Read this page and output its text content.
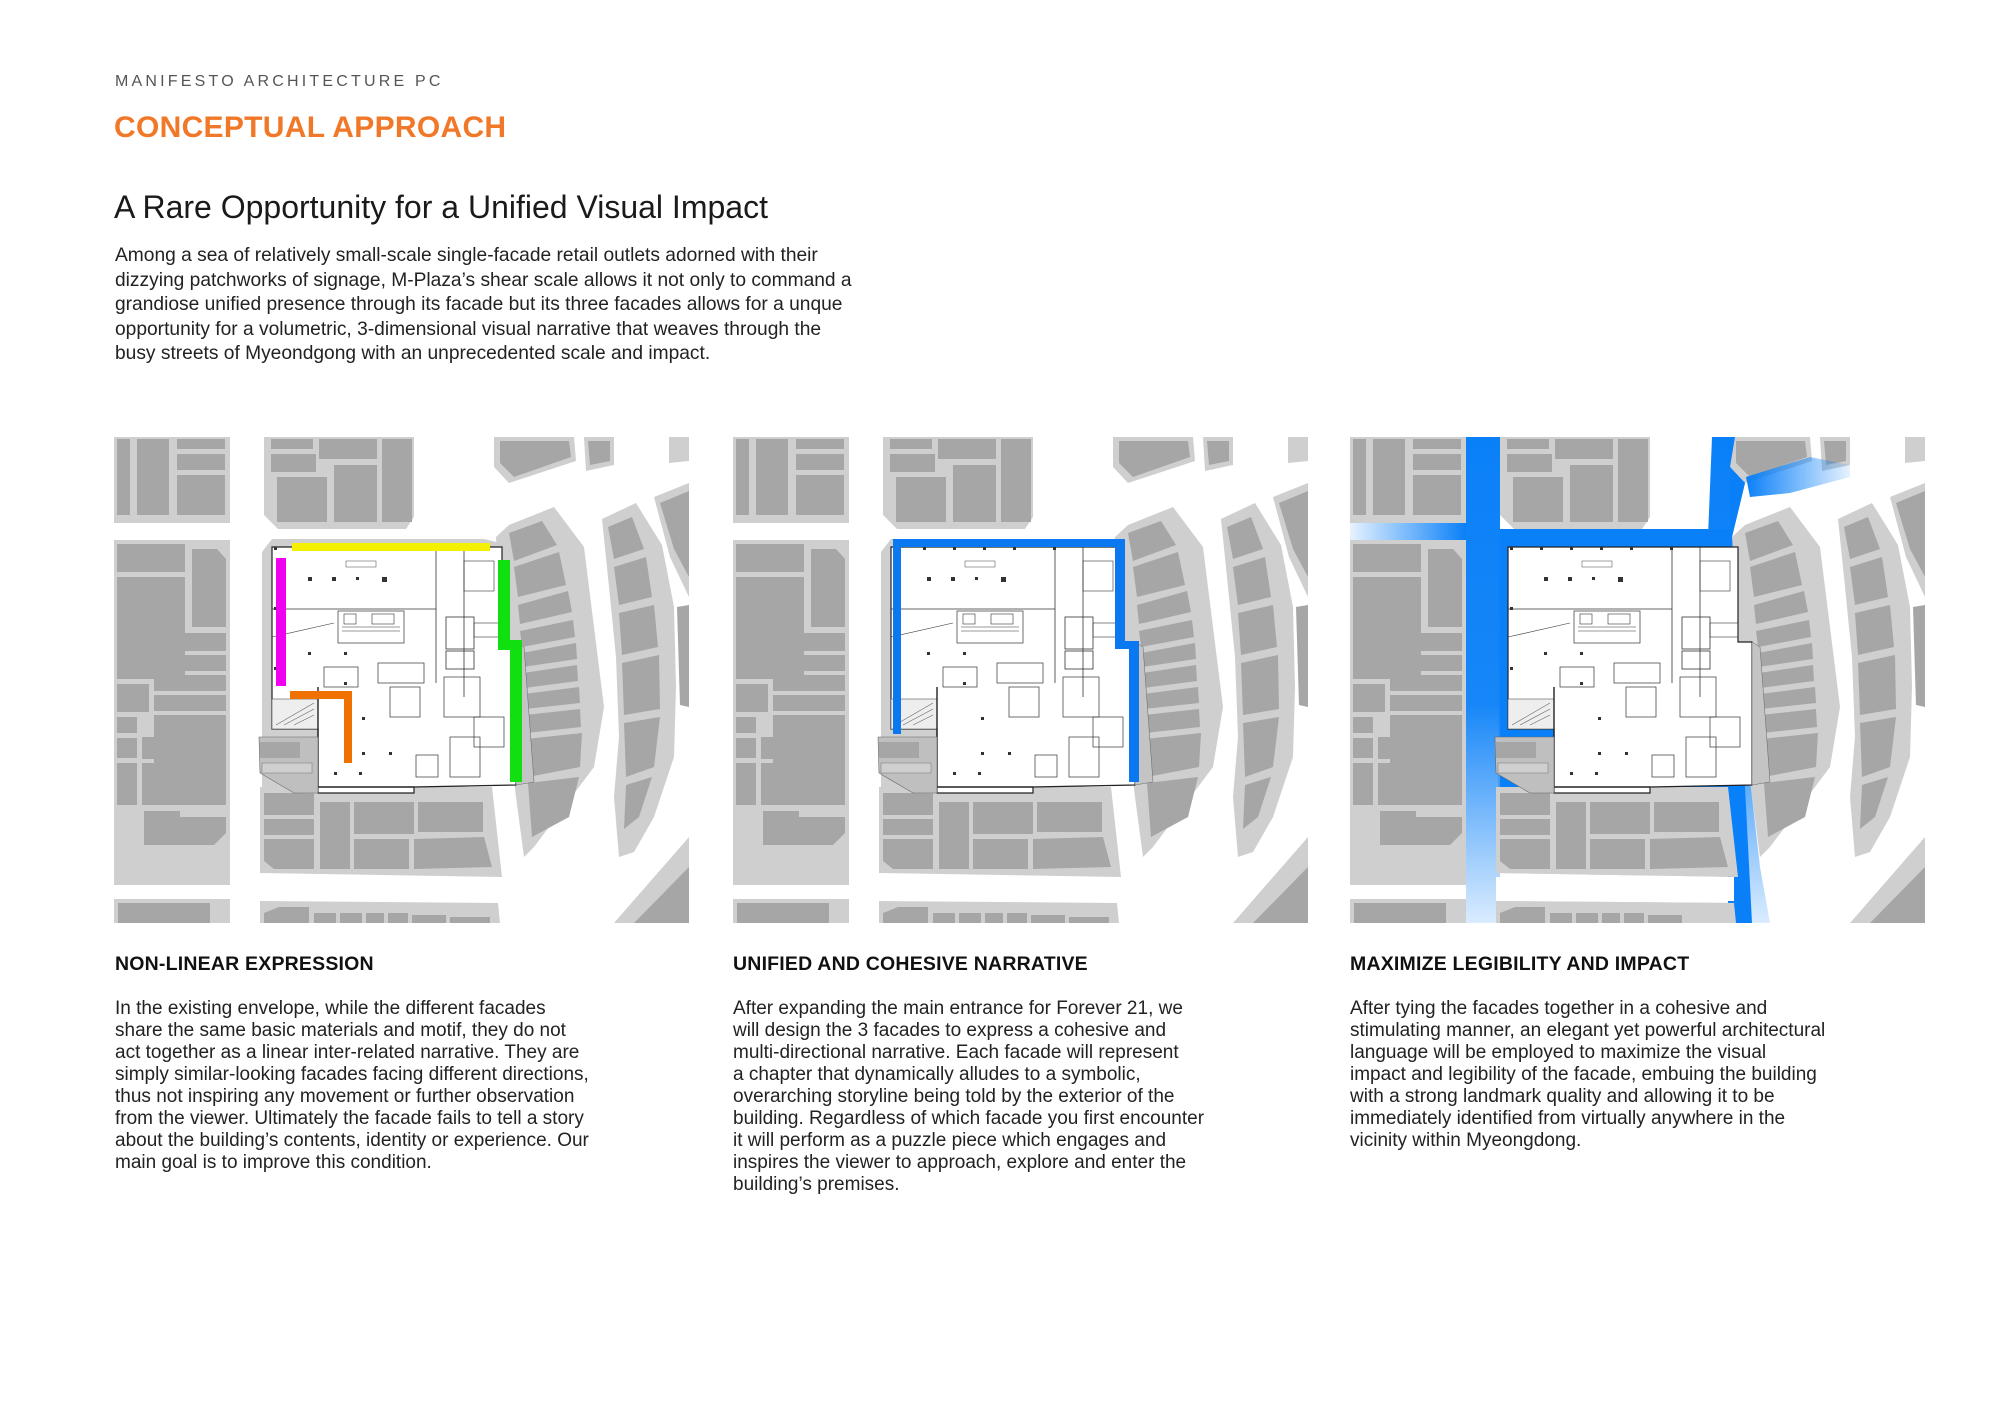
MANIFESTO ARCHITECTURE PC
CONCEPTUAL APPROACH
A Rare Opportunity for a Unified Visual Impact
Among a sea of relatively small-scale single-facade retail outlets adorned with their
dizzying patchworks of signage, M-Plaza’s shear scale allows it not only to command a
grandiose unified presence through its facade but its three facades allows for a unque
opportunity for a volumetric, 3-dimensional visual narrative that weaves through the
busy streets of Myeondgong with an unprecedented scale and impact.
NON-LINEAR EXPRESSION

In the existing envelope, while the different facades
share the same basic materials and motif, they do not
act together as a linear inter-related narrative. They are
simply similar-looking facades facing different directions,
thus not inspiring any movement or further observation
from the viewer. Ultimately the facade fails to tell a story
about the building’s contents, identity or experience. Our
main goal is to improve this condition.

UNIFIED AND COHESIVE NARRATIVE

After expanding the main entrance for Forever 21, we
will design the 3 facades to express a cohesive and
multi-directional narrative. Each facade will represent
a chapter that dynamically alludes to a symbolic,
overarching storyline being told by the exterior of the
building. Regardless of which facade you first encounter
it will perform as a puzzle piece which engages and
inspires the viewer to approach, explore and enter the
building’s premises.

MAXIMIZE LEGIBILITY AND IMPACT

After tying the facades together in a cohesive and
stimulating manner, an elegant yet powerful architectural
language will be employed to maximize the visual
impact and legibility of the facade, embuing the building
with a strong landmark quality and allowing it to be
immediately identified from virtually anywhere in the
vicinity within Myeongdong.
